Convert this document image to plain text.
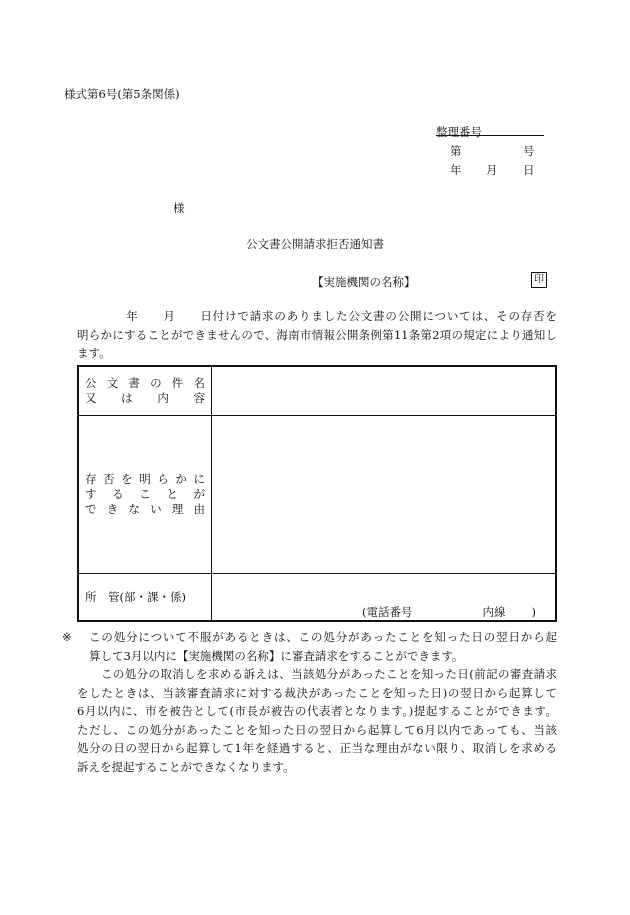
様式第6号(第5条関係)
整理番号
第	号
年 月 日
様
公文書公開請求拒否通知書
【実施機関の名称】	印
　　　　年　　月　　日付けで請求のありました公文書の公開については、その存否を
明らかにすることができませんので、海南市情報公開条例第11条第2項の規定により通知し
ます。
公文書の件名
又は内容	

存否を明らかに
することが
できない理由	

所　管(部・課・係)	(電話番号 内線 )
※	この処分について不服があるときは、この処分があったことを知った日の翌日から起
算して3月以内に【実施機関の名称】に審査請求をすることができます。
この処分の取消しを求める訴えは、当該処分があったことを知った日(前記の審査請求
をしたときは、当該審査請求に対する裁決があったことを知った日)の翌日から起算して
6月以内に、市を被告として(市長が被告の代表者となります。)提起することができます。
ただし、この処分があったことを知った日の翌日から起算して6月以内であっても、当該
処分の日の翌日から起算して1年を経過すると、正当な理由がない限り、取消しを求める
訴えを提起することができなくなります。
